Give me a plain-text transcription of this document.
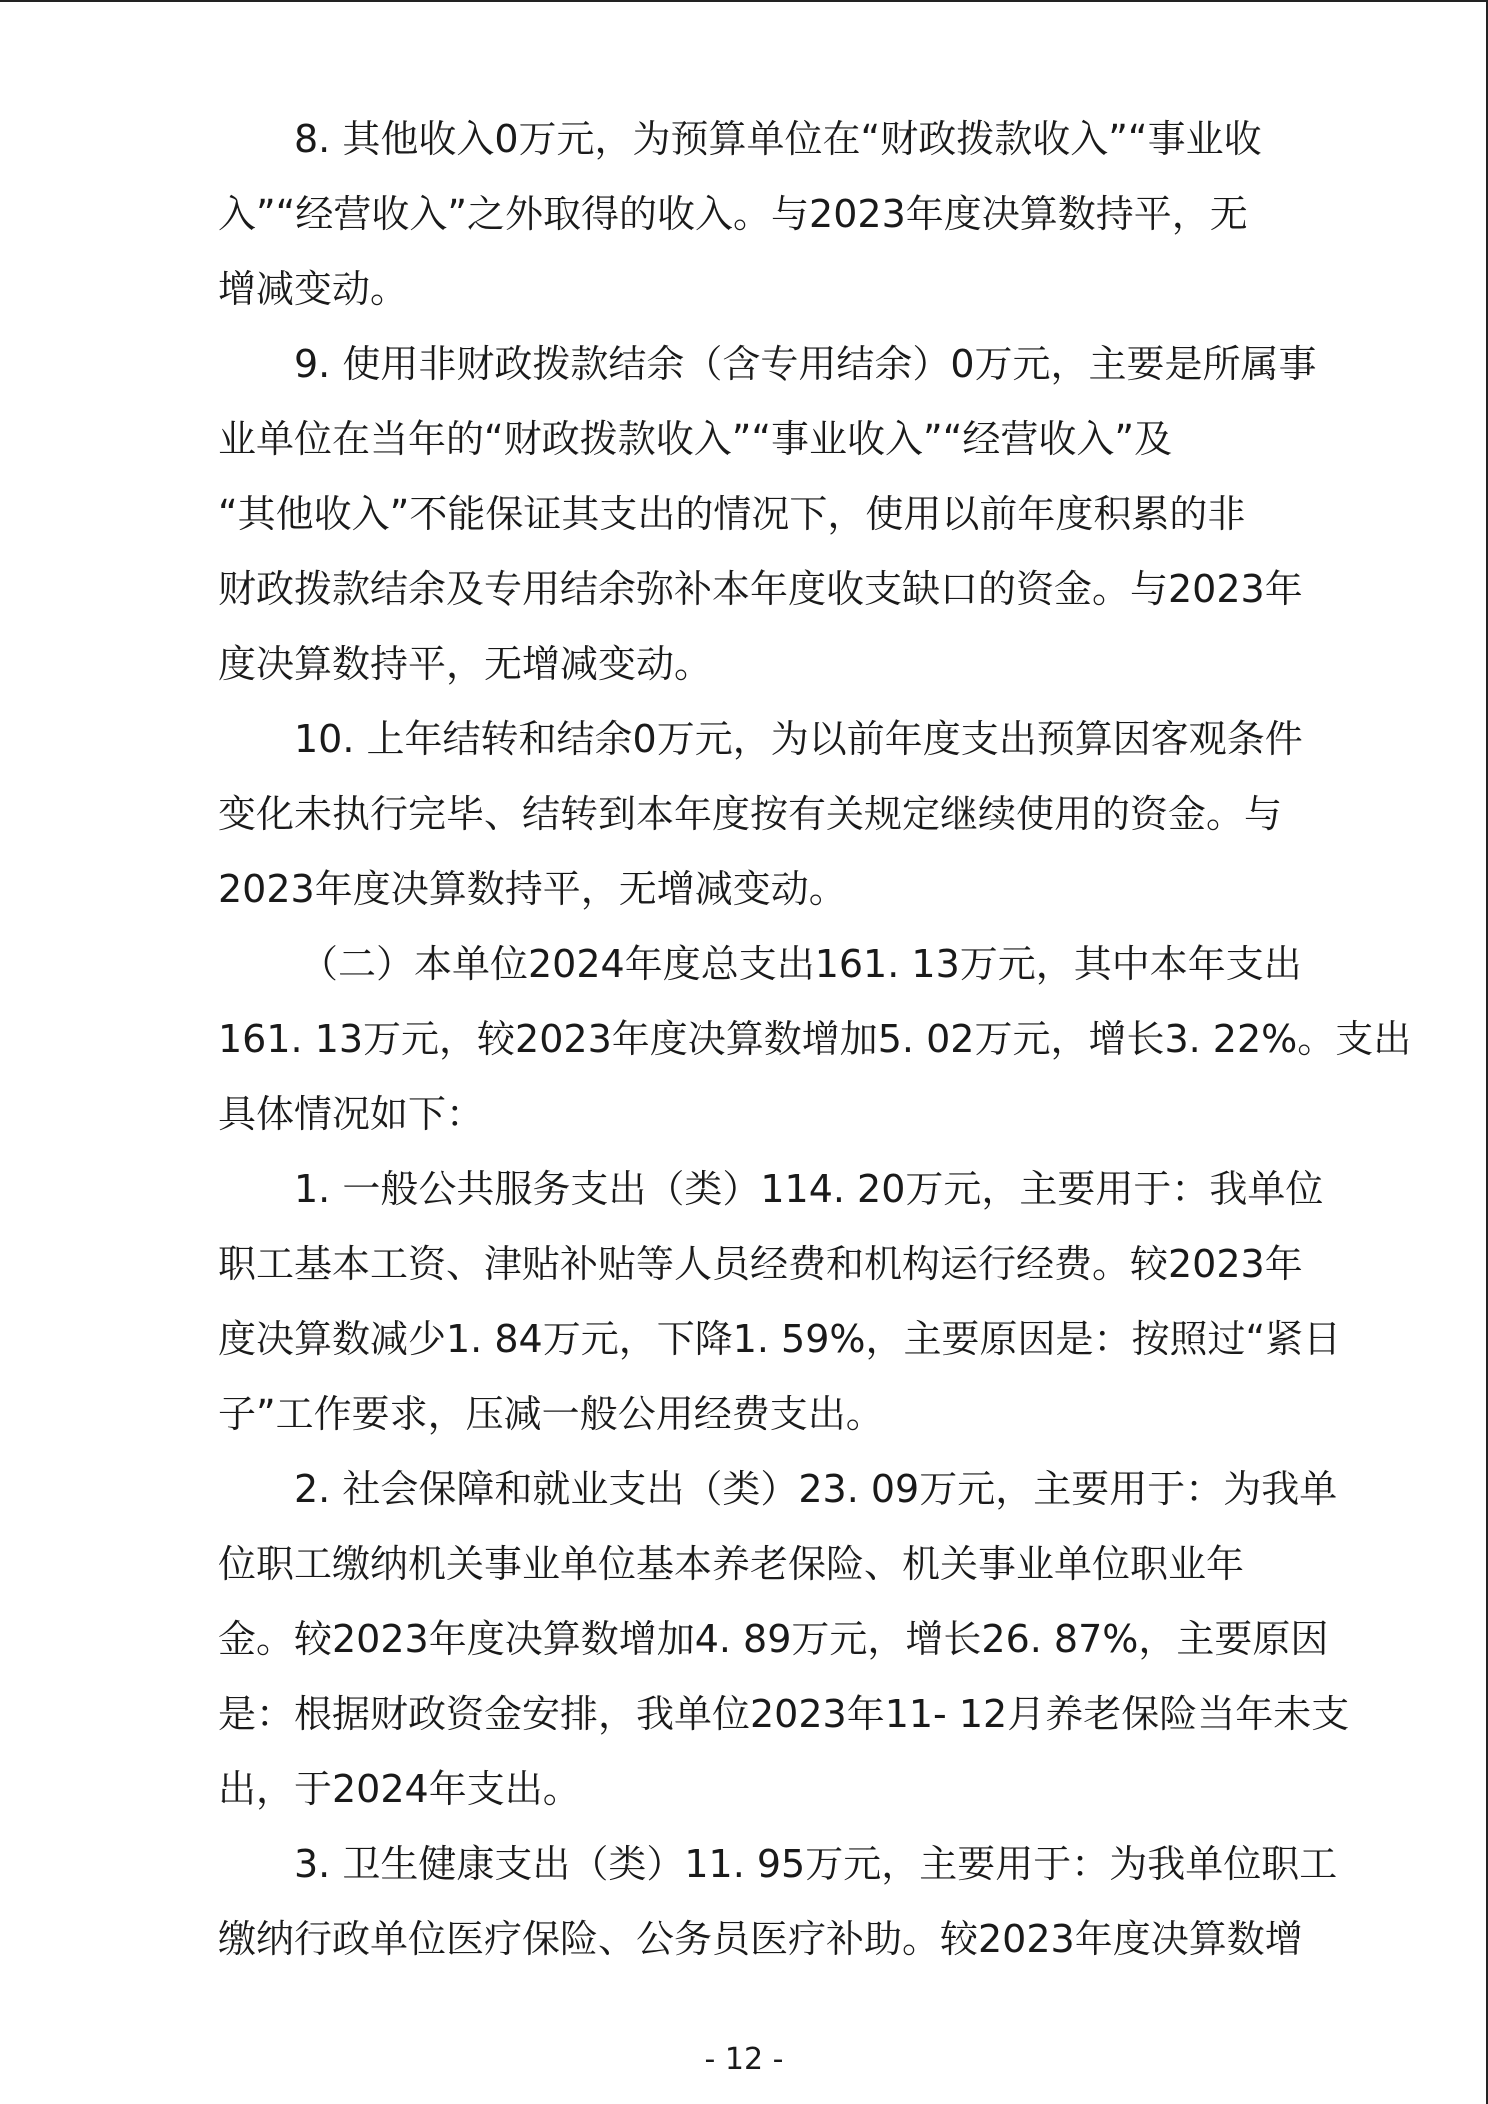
8. 其他收入0万元，为预算单位在“财政拨款收入”“事业收
入”“经营收入”之外取得的收入。与2023年度决算数持平，无
增减变动。
9. 使用非财政拨款结余（含专用结余）0万元，主要是所属事
业单位在当年的“财政拨款收入”“事业收入”“经营收入”及
“其他收入”不能保证其支出的情况下，使用以前年度积累的非
财政拨款结余及专用结余弥补本年度收支缺口的资金。与2023年
度决算数持平，无增减变动。
10. 上年结转和结余0万元，为以前年度支出预算因客观条件
变化未执行完毕、结转到本年度按有关规定继续使用的资金。与
2023年度决算数持平，无增减变动。
（二）本单位2024年度总支出161. 13万元，其中本年支出
161. 13万元，较2023年度决算数增加5. 02万元，增长3. 22%。支出
具体情况如下：
1. 一般公共服务支出（类）114. 20万元，主要用于：我单位
职工基本工资、津贴补贴等人员经费和机构运行经费。较2023年
度决算数减少1. 84万元，下降1. 59%，主要原因是：按照过“紧日
子”工作要求，压减一般公用经费支出。
2. 社会保障和就业支出（类）23. 09万元，主要用于：为我单
位职工缴纳机关事业单位基本养老保险、机关事业单位职业年
金。较2023年度决算数增加4. 89万元，增长26. 87%，主要原因
是：根据财政资金安排，我单位2023年11- 12月养老保险当年未支
出，于2024年支出。
3. 卫生健康支出（类）11. 95万元，主要用于：为我单位职工
缴纳行政单位医疗保险、公务员医疗补助。较2023年度决算数增
- 12 -
